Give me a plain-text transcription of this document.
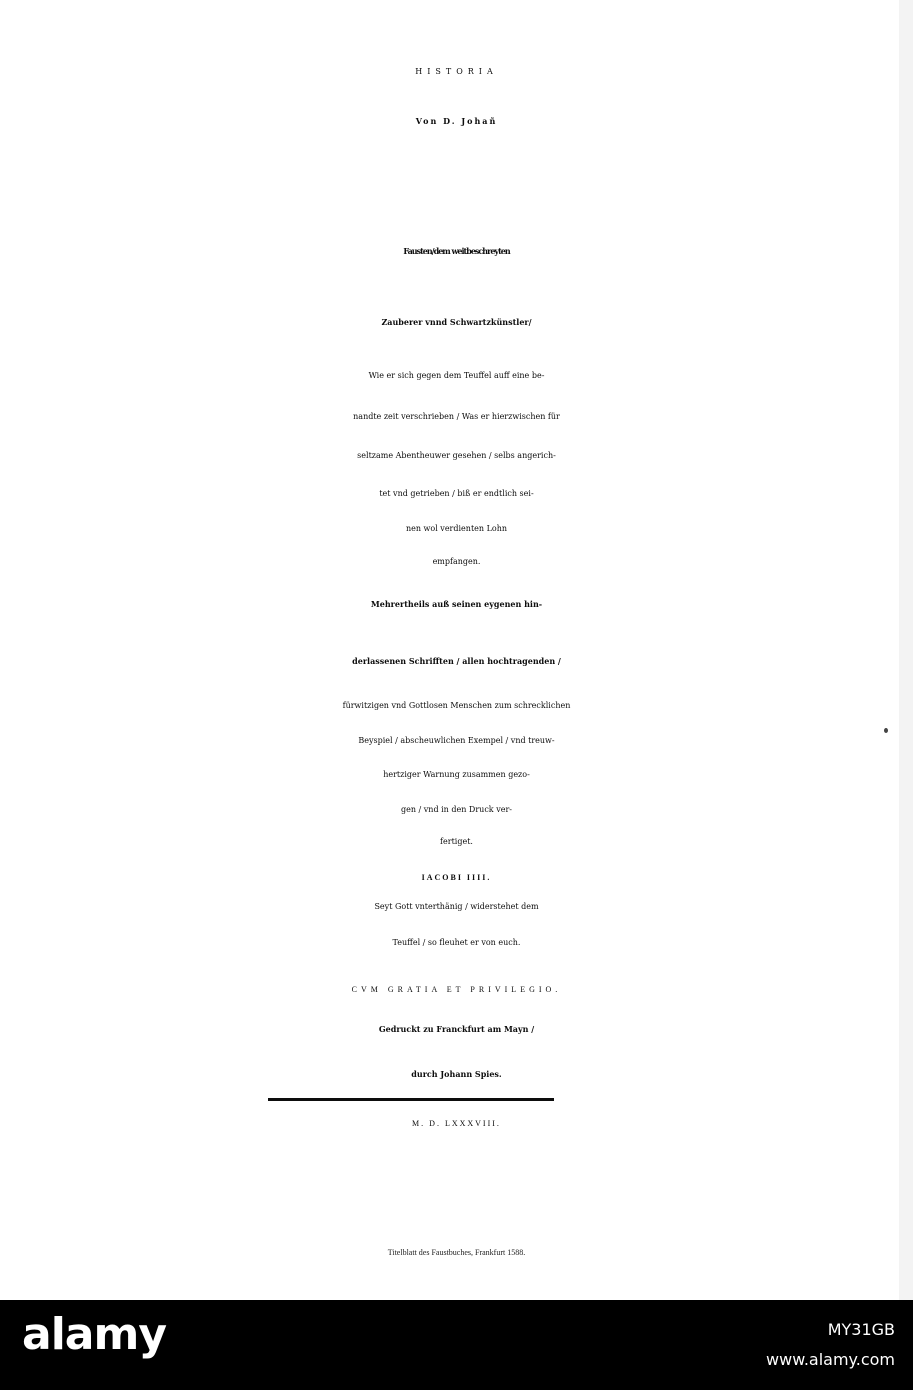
HISTORIA
Von D. Johañ
Fausten/dem weitbeschreyten
Zauberer vnnd Schwartzkünstler/
Wie er sich gegen dem Teuffel auff eine be-
nandte zeit verschrieben / Was er hierzwischen für
seltzame Abentheuwer gesehen / selbs angerich-
tet vnd getrieben / biß er endtlich sei-
nen wol verdienten Lohn
empfangen.
Mehrertheils auß seinen eygenen hin-
derlassenen Schrifften / allen hochtragenden /
fürwitzigen vnd Gottlosen Menschen zum schrecklichen
Beyspiel / abscheuwlichen Exempel / vnd treuw-
hertziger Warnung zusammen gezo-
gen / vnd in den Druck ver-
fertiget.
IACOBI IIII.
Seyt Gott vnterthänig / widerstehet dem
Teuffel / so fleuhet er von euch.
CVM GRATIA ET PRIVILEGIO.
Gedruckt zu Franckfurt am Mayn /
durch Johann Spies.
M. D. LXXXVIII.
Titelblatt des Faustbuches, Frankfurt 1588.
alamy	MY31GB
www.alamy.com
